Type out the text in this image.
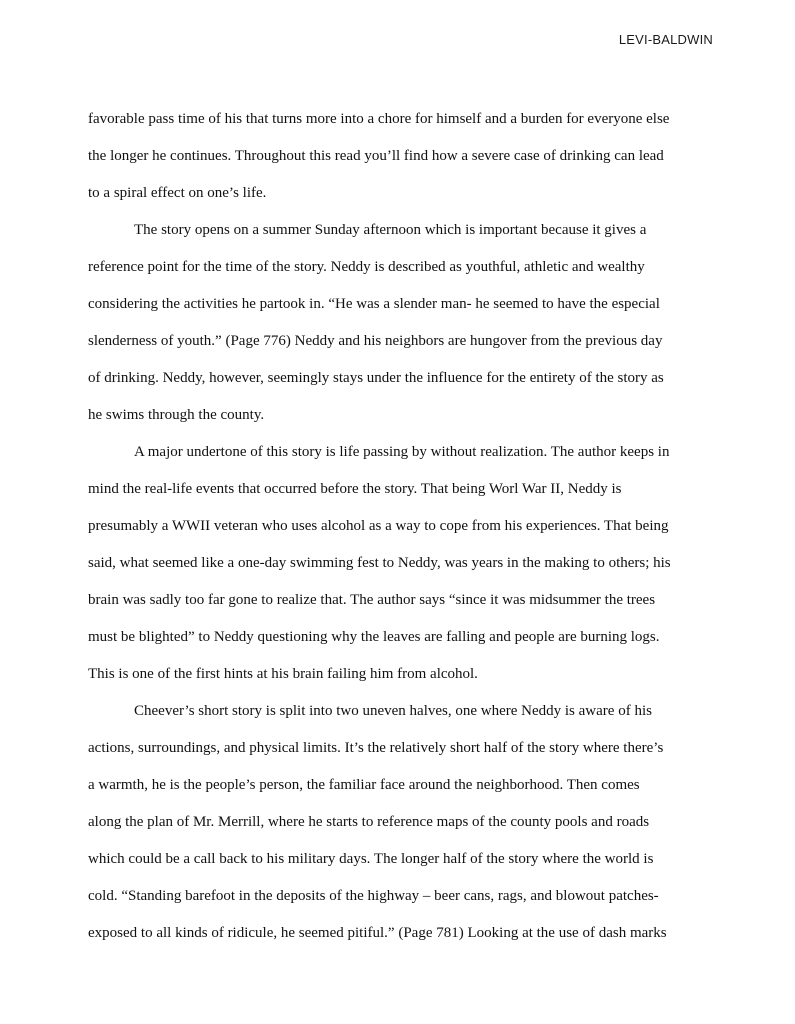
LEVI-BALDWIN
favorable pass time of his that turns more into a chore for himself and a burden for everyone else
the longer he continues. Throughout this read you’ll find how a severe case of drinking can lead
to a spiral effect on one’s life.
The story opens on a summer Sunday afternoon which is important because it gives a
reference point for the time of the story. Neddy is described as youthful, athletic and wealthy
considering the activities he partook in. “He was a slender man- he seemed to have the especial
slenderness of youth.” (Page 776) Neddy and his neighbors are hungover from the previous day
of drinking. Neddy, however, seemingly stays under the influence for the entirety of the story as
he swims through the county.
A major undertone of this story is life passing by without realization. The author keeps in
mind the real-life events that occurred before the story. That being Worl War II, Neddy is
presumably a WWII veteran who uses alcohol as a way to cope from his experiences. That being
said, what seemed like a one-day swimming fest to Neddy, was years in the making to others; his
brain was sadly too far gone to realize that. The author says “since it was midsummer the trees
must be blighted” to Neddy questioning why the leaves are falling and people are burning logs.
This is one of the first hints at his brain failing him from alcohol.
Cheever’s short story is split into two uneven halves, one where Neddy is aware of his
actions, surroundings, and physical limits. It’s the relatively short half of the story where there’s
a warmth, he is the people’s person, the familiar face around the neighborhood. Then comes
along the plan of Mr. Merrill, where he starts to reference maps of the county pools and roads
which could be a call back to his military days. The longer half of the story where the world is
cold. “Standing barefoot in the deposits of the highway – beer cans, rags, and blowout patches-
exposed to all kinds of ridicule, he seemed pitiful.” (Page 781) Looking at the use of dash marks
